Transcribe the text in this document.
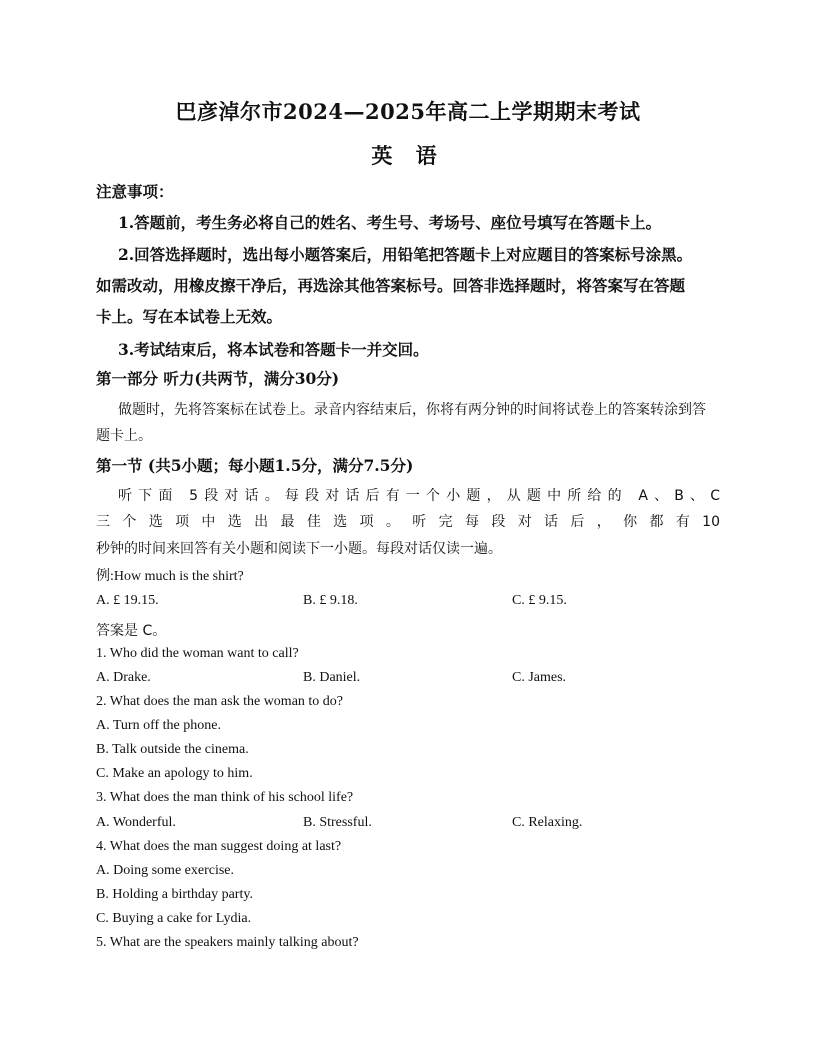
巴彦淖尔市2024—2025年高二上学期期末考试
英 语
注意事项：
1.答题前，考生务必将自己的姓名、考生号、考场号、座位号填写在答题卡上。
2.回答选择题时，选出每小题答案后，用铅笔把答题卡上对应题目的答案标号涂黑。
如需改动，用橡皮擦干净后，再选涂其他答案标号。回答非选择题时，将答案写在答题
卡上。写在本试卷上无效。
3.考试结束后，将本试卷和答题卡一并交回。
第一部分 听力(共两节，满分30分)
做题时，先将答案标在试卷上。录音内容结束后，你将有两分钟的时间将试卷上的答案转涂到答
题卡上。
第一节 (共5小题；每小题1.5分，满分7.5分)
听下面 5段对话。每段对话后有一个小题，从题中所给的 A、B、C
三 个 选 项 中 选 出 最 佳 选 项 。 听 完 每 段 对 话 后 ， 你 都 有 10
秒钟的时间来回答有关小题和阅读下一小题。每段对话仅读一遍。
例:How much is the shirt?
A. £ 19.15.	B. £ 9.18.	C. £ 9.15.
答案是 C。
1. Who did the woman want to call?
A. Drake.	B. Daniel.	C. James.
2. What does the man ask the woman to do?
A. Turn off the phone.
B. Talk outside the cinema.
C. Make an apology to him.
3. What does the man think of his school life?
A. Wonderful.	B. Stressful.	C. Relaxing.
4. What does the man suggest doing at last?
A. Doing some exercise.
B. Holding a birthday party.
C. Buying a cake for Lydia.
5. What are the speakers mainly talking about?
